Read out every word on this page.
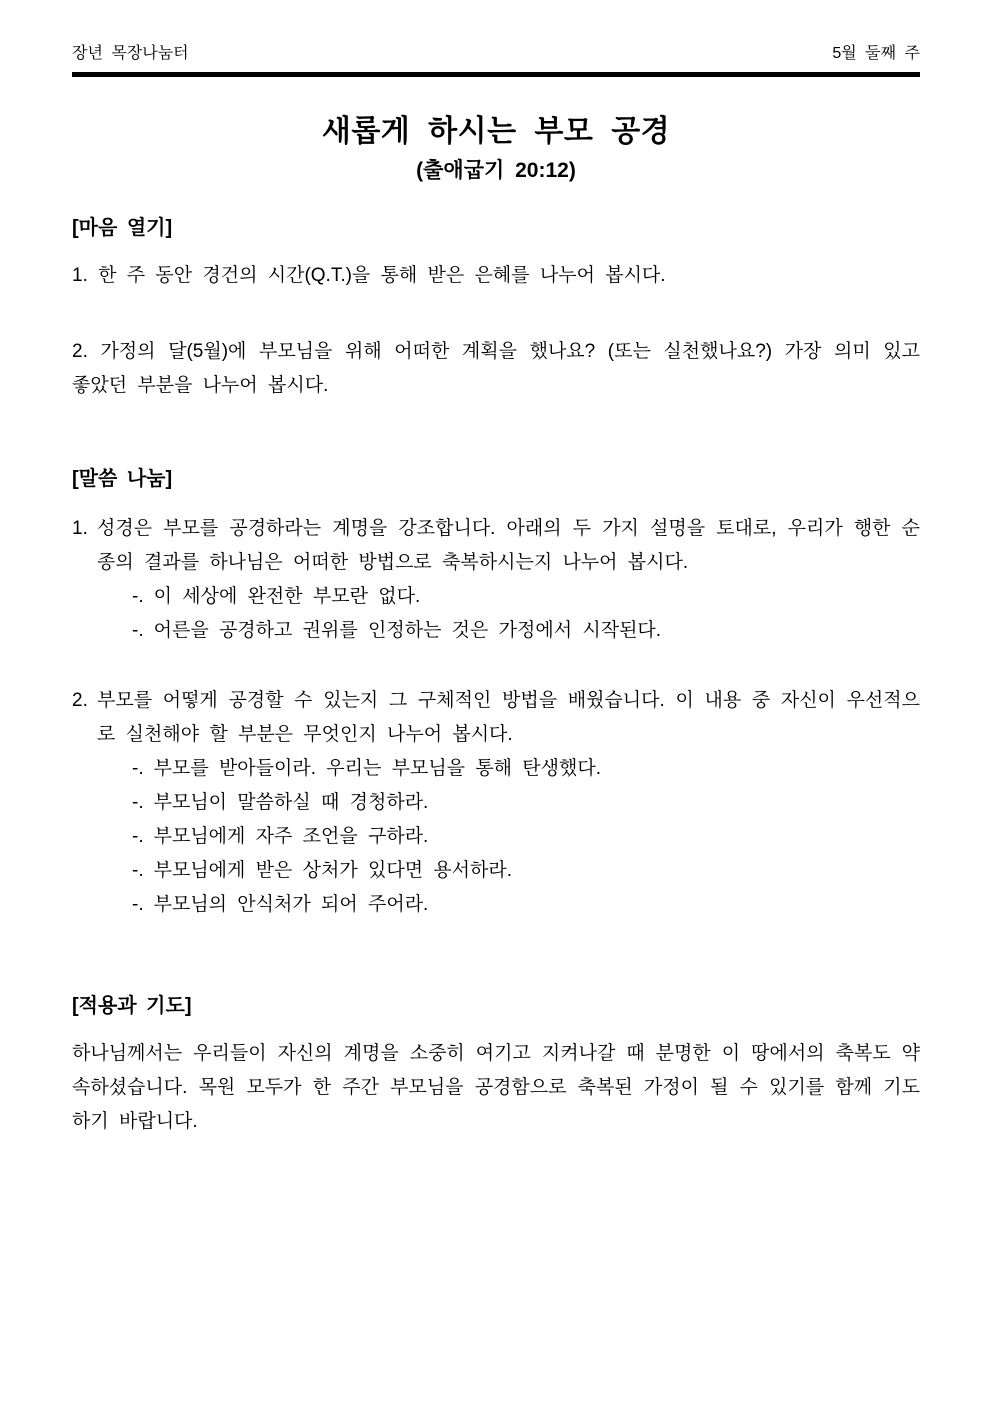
장년 목장나눔터	5월 둘째 주
새롭게 하시는 부모 공경
(출애굽기 20:12)
[마음 열기]
1. 한 주 동안 경건의 시간(Q.T.)을 통해 받은 은혜를 나누어 봅시다.
2. 가정의 달(5월)에 부모님을 위해 어떠한 계획을 했나요? (또는 실천했나요?) 가장 의미 있고 좋았던 부분을 나누어 봅시다.
[말씀 나눔]
1. 성경은 부모를 공경하라는 계명을 강조합니다. 아래의 두 가지 설명을 토대로, 우리가 행한 순종의 결과를 하나님은 어떠한 방법으로 축복하시는지 나누어 봅시다.
-. 이 세상에 완전한 부모란 없다.
-. 어른을 공경하고 권위를 인정하는 것은 가정에서 시작된다.
2. 부모를 어떻게 공경할 수 있는지 그 구체적인 방법을 배웠습니다. 이 내용 중 자신이 우선적으로 실천해야 할 부분은 무엇인지 나누어 봅시다.
-. 부모를 받아들이라. 우리는 부모님을 통해 탄생했다.
-. 부모님이 말씀하실 때 경청하라.
-. 부모님에게 자주 조언을 구하라.
-. 부모님에게 받은 상처가 있다면 용서하라.
-. 부모님의 안식처가 되어 주어라.
[적용과 기도]

하나님께서는 우리들이 자신의 계명을 소중히 여기고 지켜나갈 때 분명한 이 땅에서의 축복도 약속하셨습니다. 목원 모두가 한 주간 부모님을 공경함으로 축복된 가정이 될 수 있기를 함께 기도하기 바랍니다.
